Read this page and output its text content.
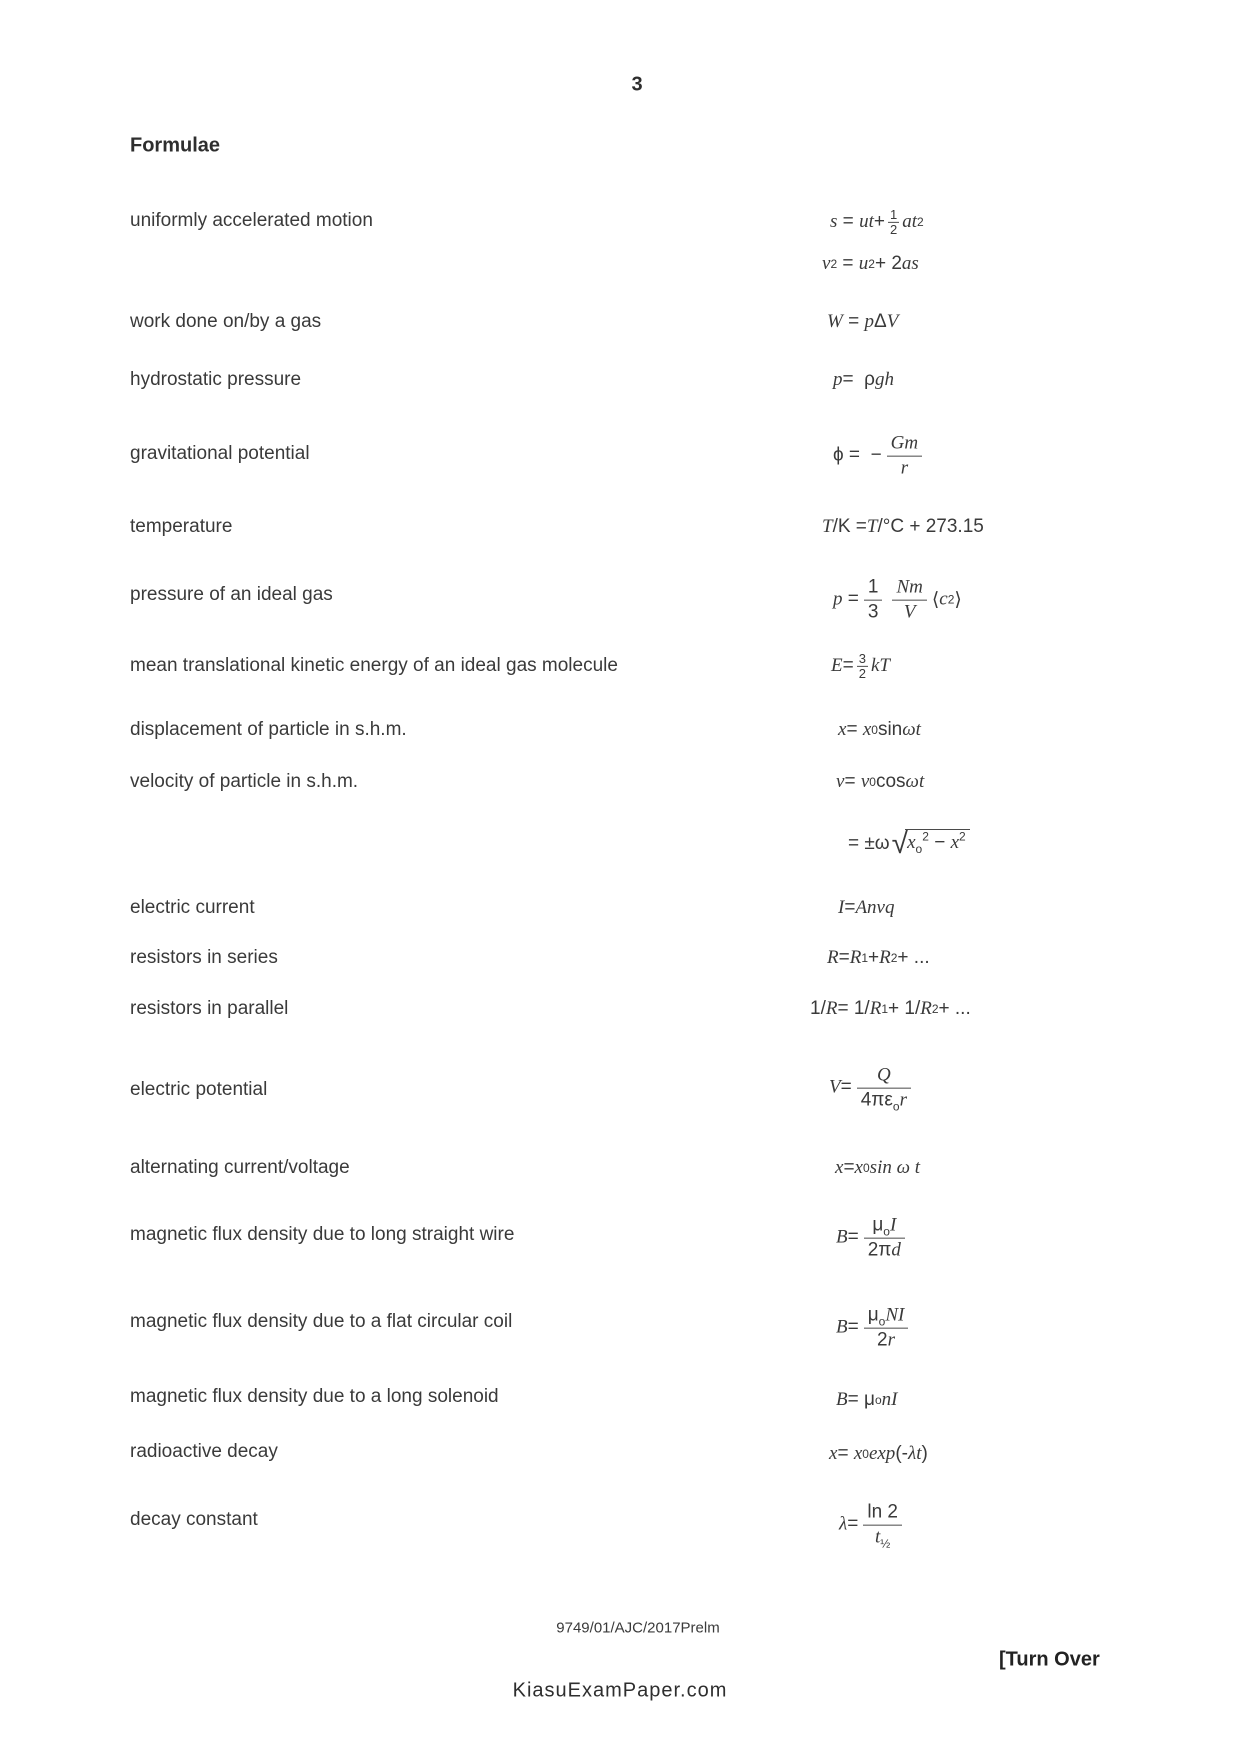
3
Formulae
uniformly accelerated motion	s = ut + $\frac{1}{2}$ at 2
v 2 = u 2 + 2 as
work done on/by a gas	W = p Δ V
hydrostatic pressure	p =  ρ gh
gravitational potential	ϕ =  − $\frac{Gm}{r}$
temperature	T /K = T /°C + 273.15
pressure of an ideal gas	$p = \frac{1}{3} \frac{Nm}{V}$ ⟨ c 2 ⟩
mean translational kinetic energy of an ideal gas molecule	$E = \frac{3}{2}$ kT
displacement of particle in s.h.m.	x = x 0 sin ω t
velocity of particle in s.h.m.	v = v 0 cos ω t
= ±ω √ $x_o^2 - x^2$
electric current	I = Anvq
resistors in series	R = R 1 + R 2 + ...
resistors in parallel	1/ R = 1/ R 1 + 1/ R 2 + ...
electric potential	$V = \frac{Q}{4\pi\varepsilon_or}$
alternating current/voltage	x = x 0 sin ω t
magnetic flux density due to long straight wire	$B = \frac{\mu_oI}{2\pi d}$
magnetic flux density due to a flat circular coil	$B = \frac{\mu_oNI}{2r}$
magnetic flux density due to a long solenoid	B = μ o nI
radioactive decay	x = x 0 exp (- λt )
decay constant	$\lambda = \frac{\ln 2}{t_{\frac{1}{2}}}$
9749/01/AJC/2017Prelm
[Turn Over
KiasuExamPaper.com
